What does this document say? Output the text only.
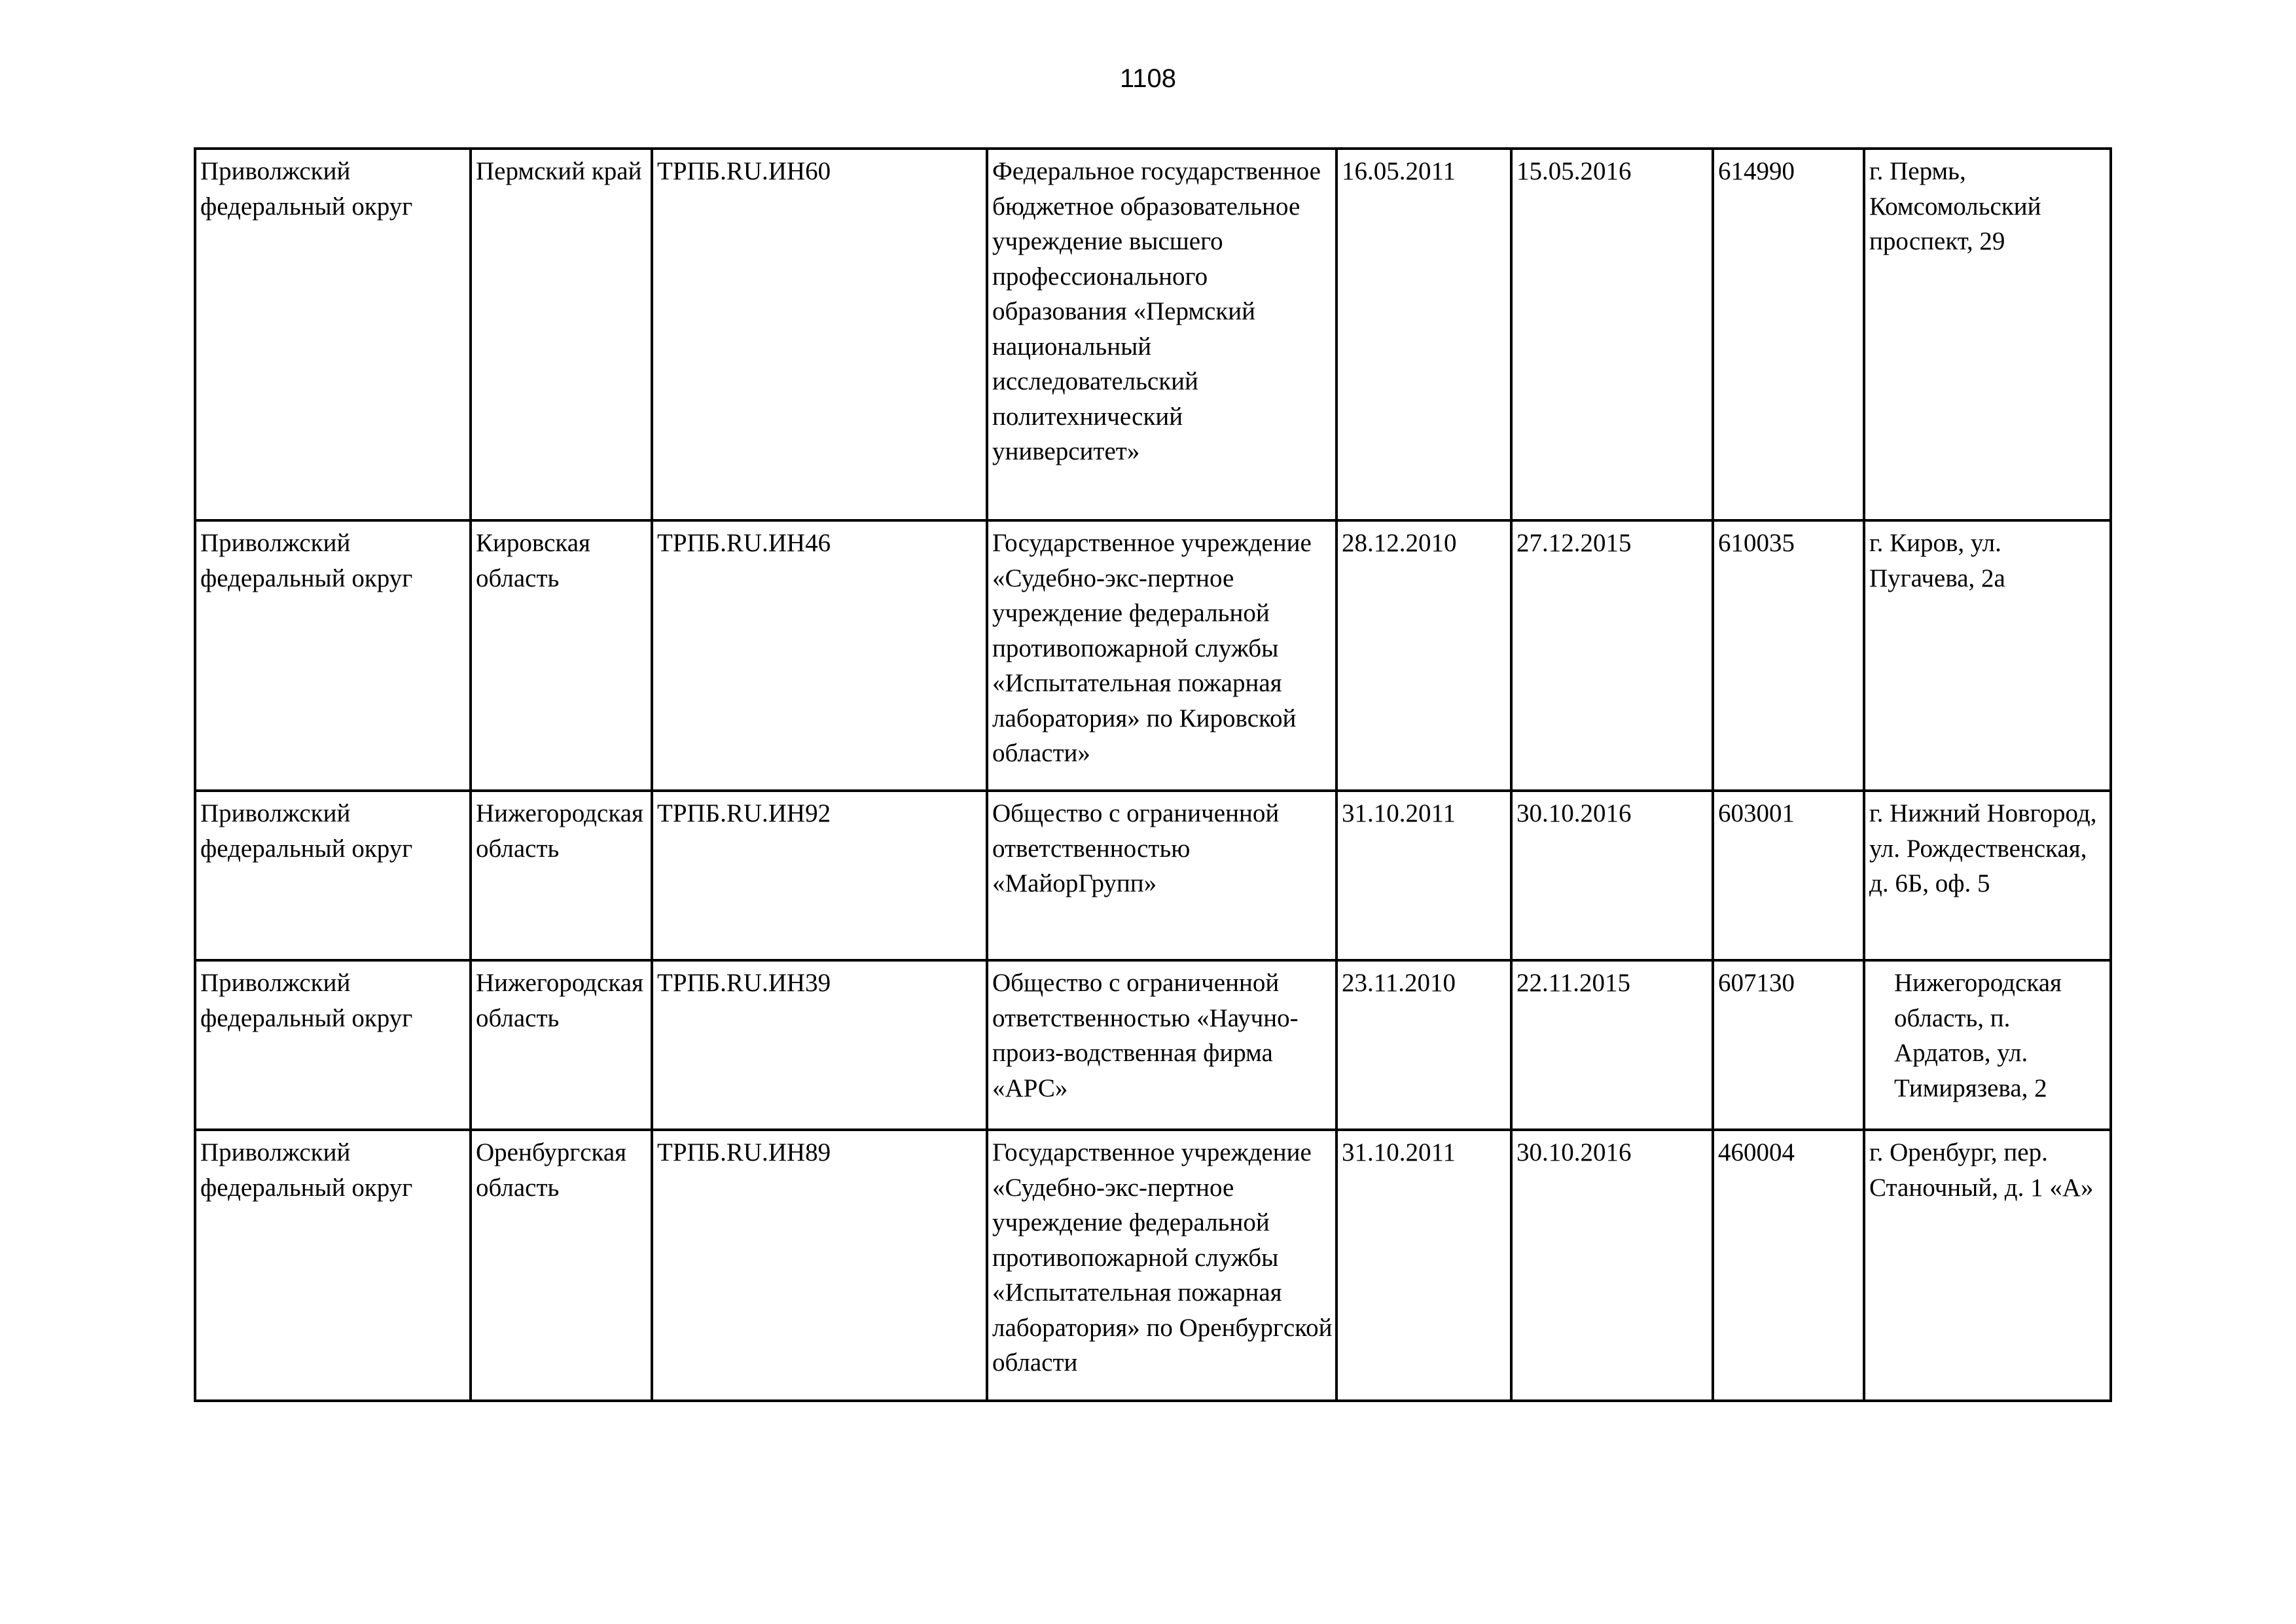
1108
Приволжский федеральный округ	Пермский край	ТРПБ.RU.ИН60	Федеральное государственное бюджетное образовательное учреждение высшего профессионального образования «Пермский национальный исследовательский политехнический университет»	16.05.2011	15.05.2016	614990	г. Пермь, Комсомольский проспект, 29

Приволжский федеральный округ	Кировская область	ТРПБ.RU.ИН46	Государственное учреждение «Судебно-экс-пертное учреждение федеральной противопожарной службы «Испытательная пожарная лаборатория» по Кировской области»	28.12.2010	27.12.2015	610035	г. Киров, ул. Пугачева, 2а

Приволжский федеральный округ	Нижегородская область	ТРПБ.RU.ИН92	Общество с ограниченной ответственностью «МайорГрупп»	31.10.2011	30.10.2016	603001	г. Нижний Новгород, ул. Рождественская, д. 6Б, оф. 5

Приволжский федеральный округ	Нижегородская область	ТРПБ.RU.ИН39	Общество с ограниченной ответственностью «Научно-произ-водственная фирма «АРС»	23.11.2010	22.11.2015	607130	Нижегородская область, п. Ардатов, ул. Тимирязева, 2

Приволжский федеральный округ	Оренбургская область	ТРПБ.RU.ИН89	Государственное учреждение «Судебно-экс-пертное учреждение федеральной противопожарной службы «Испытательная пожарная лаборатория» по Оренбургской области	31.10.2011	30.10.2016	460004	г. Оренбург, пер. Станочный, д. 1 «А»
